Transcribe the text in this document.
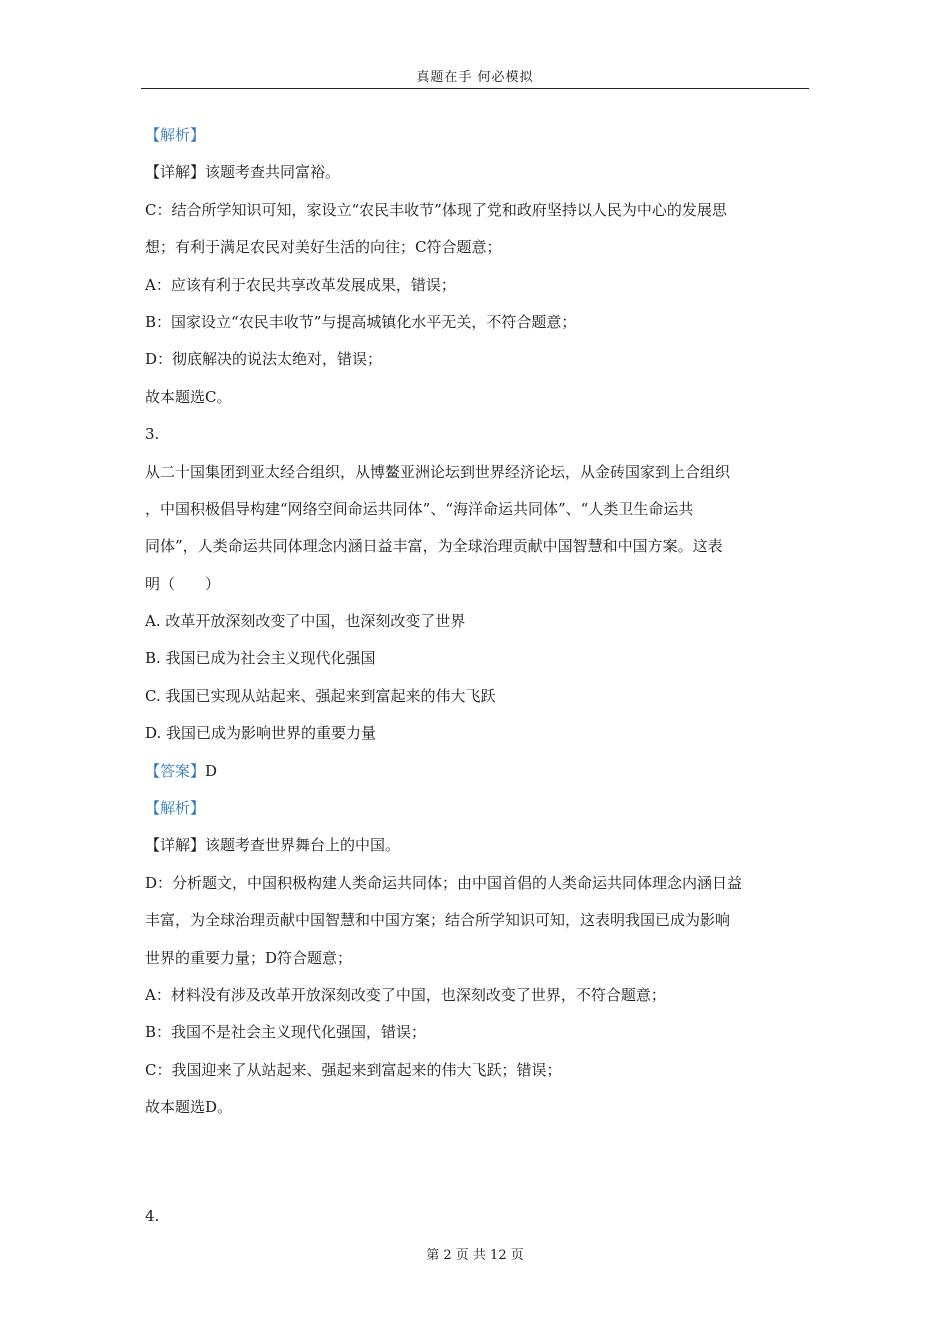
真题在手 何必模拟
【解析】
【详解】该题考查共同富裕。
C：结合所学知识可知，家设立“农民丰收节”体现了党和政府坚持以人民为中心的发展思
想；有利于满足农民对美好生活的向往；C符合题意；
A：应该有利于农民共享改革发展成果，错误；
B：国家设立“农民丰收节”与提高城镇化水平无关，不符合题意；
D：彻底解决的说法太绝对，错误；
故本题选C。
3.
从二十国集团到亚太经合组织，从博鳌亚洲论坛到世界经济论坛，从金砖国家到上合组织
，中国积极倡导构建“网络空间命运共同体”、“海洋命运共同体”、“人类卫生命运共
同体”，人类命运共同体理念内涵日益丰富，为全球治理贡献中国智慧和中国方案。这表
明（　　）
A. 改革开放深刻改变了中国，也深刻改变了世界
B. 我国已成为社会主义现代化强国
C. 我国已实现从站起来、强起来到富起来的伟大飞跃
D. 我国已成为影响世界的重要力量
【答案】D
【解析】
【详解】该题考查世界舞台上的中国。
D：分析题文，中国积极构建人类命运共同体；由中国首倡的人类命运共同体理念内涵日益
丰富，为全球治理贡献中国智慧和中国方案；结合所学知识可知，这表明我国已成为影响
世界的重要力量；D符合题意；
A：材料没有涉及改革开放深刻改变了中国，也深刻改变了世界，不符合题意；
B：我国不是社会主义现代化强国，错误；
C：我国迎来了从站起来、强起来到富起来的伟大飞跃；错误；
故本题选D。
4.
第 2 页 共 12 页
